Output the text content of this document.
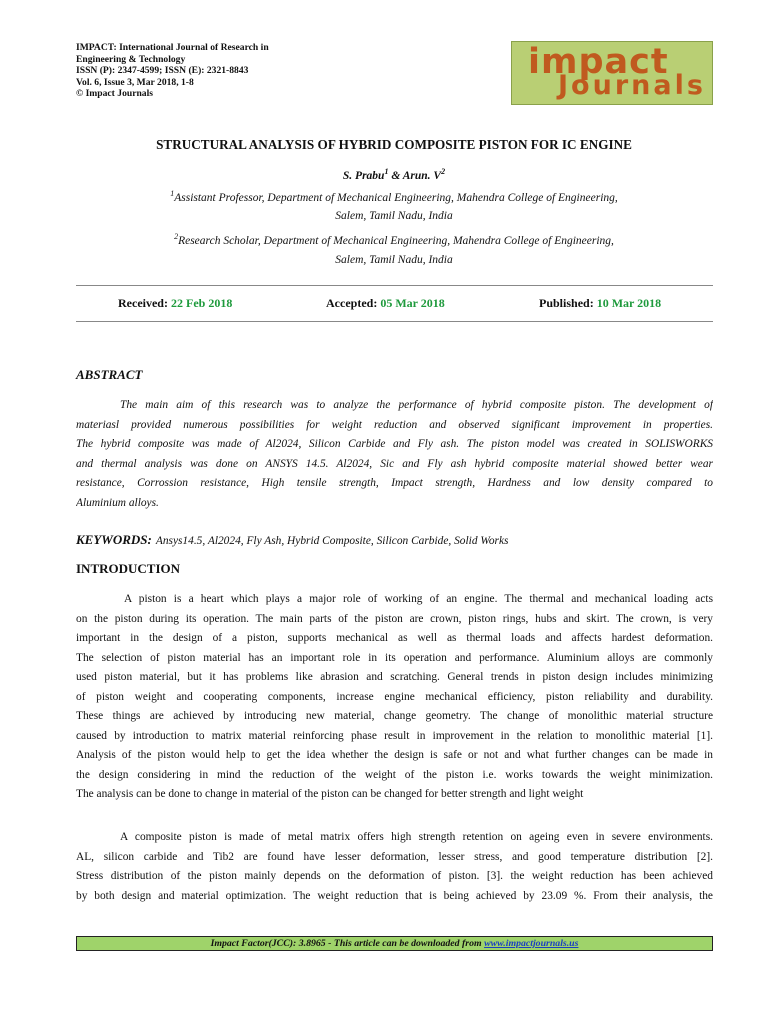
IMPACT: International Journal of Research in
Engineering & Technology
ISSN (P): 2347-4599; ISSN (E): 2321-8843
Vol. 6, Issue 3, Mar 2018, 1-8
© Impact Journals
impact
Journals
STRUCTURAL ANALYSIS OF HYBRID COMPOSITE PISTON FOR IC ENGINE
S. Prabu$^1$ & Arun. $V^2$
$^1$Assistant Professor, Department of Mechanical Engineering, Mahendra College of Engineering,
Salem, Tamil Nadu, India
$^2$Research Scholar, Department of Mechanical Engineering, Mahendra College of Engineering,
Salem, Tamil Nadu, India
Received: 22 Feb 2018	Accepted: 05 Mar 2018	Published: 10 Mar 2018
ABSTRACT
The main aim of this research was to analyze the performance of hybrid composite piston. The development of
materiasl provided numerous possibilities for weight reduction and observed significant improvement in properties.
The hybrid composite was made of Al2024, Silicon Carbide and Fly ash. The piston model was created in SOLISWORKS
and thermal analysis was done on ANSYS 14.5. Al2024, Sic and Fly ash hybrid composite material showed better wear
resistance, Corrossion resistance, High tensile strength, Impact strength, Hardness and low density compared to
Aluminium alloys.
KEYWORDS: Ansys14.5, Al2024, Fly Ash, Hybrid Composite, Silicon Carbide, Solid Works
INTRODUCTION
A piston is a heart which plays a major role of working of an engine. The thermal and mechanical loading acts
on the piston during its operation. The main parts of the piston are crown, piston rings, hubs and skirt. The crown, is very
important in the design of a piston, supports mechanical as well as thermal loads and affects hardest deformation.
The selection of piston material has an important role in its operation and performance. Aluminium alloys are commonly
used piston material, but it has problems like abrasion and scratching. General trends in piston design includes minimizing
of piston weight and cooperating components, increase engine mechanical efficiency, piston reliability and durability.
These things are achieved by introducing new material, change geometry. The change of monolithic material structure
caused by introduction to matrix material reinforcing phase result in improvement in the relation to monolithic material [1].
Analysis of the piston would help to get the idea whether the design is safe or not and what further changes can be made in
the design considering in mind the reduction of the weight of the piston i.e. works towards the weight minimization.
The analysis can be done to change in material of the piston can be changed for better strength and light weight
A composite piston is made of metal matrix offers high strength retention on ageing even in severe environments.
AL, silicon carbide and Tib2 are found have lesser deformation, lesser stress, and good temperature distribution [2].
Stress distribution of the piston mainly depends on the deformation of piston. [3]. the weight reduction has been achieved
by both design and material optimization. The weight reduction that is being achieved by 23.09 %. From their analysis, the
Impact Factor(JCC): 3.8965 - This article can be downloaded from www.impactjournals.us
